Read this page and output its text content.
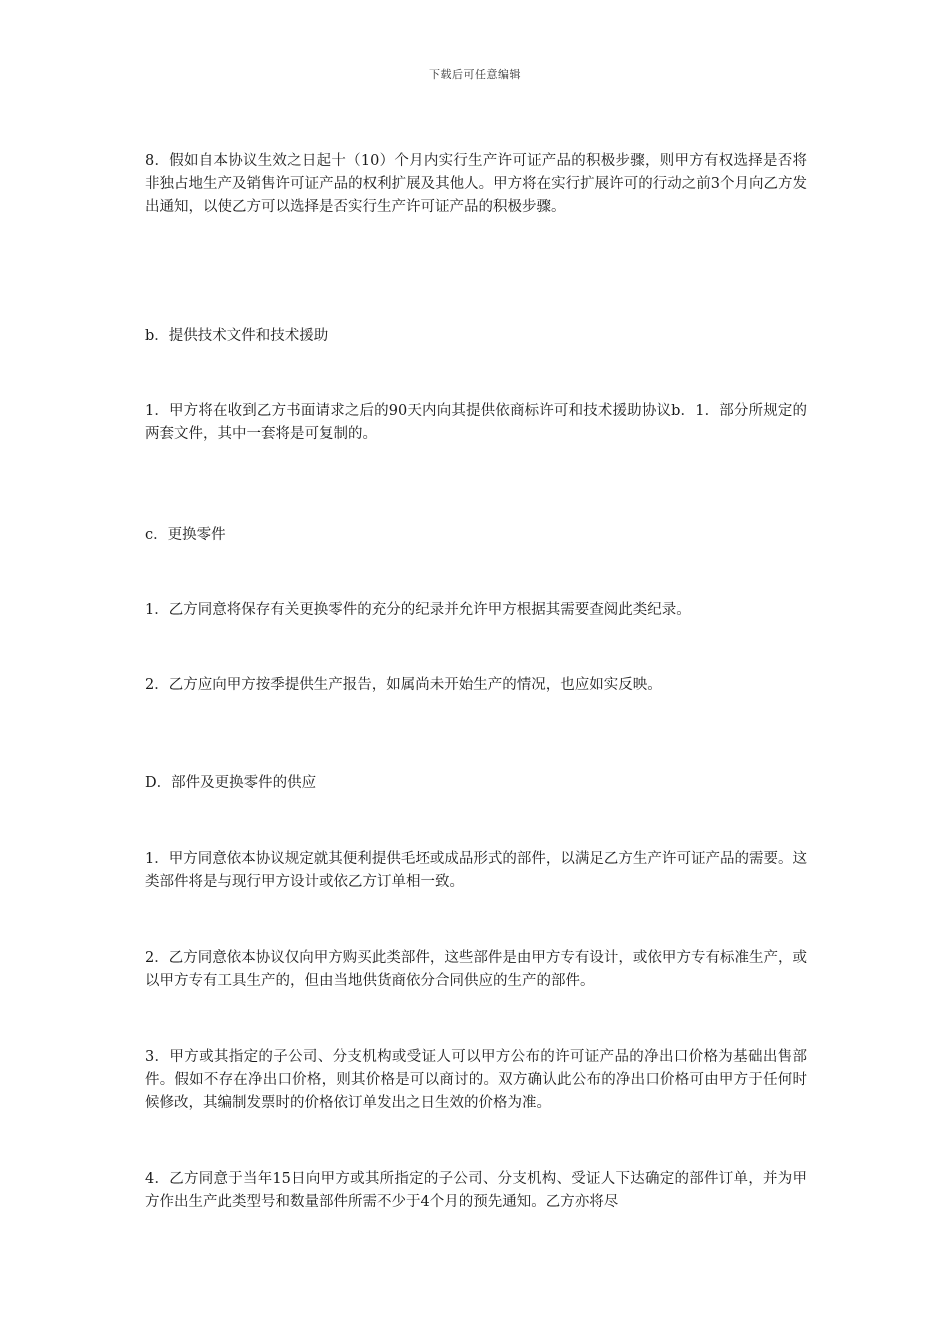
下载后可任意编辑

8．假如自本协议生效之日起十（10）个月内实行生产许可证产品的积极步骤，则甲方有权选择是否将非独占地生产及销售许可证产品的权利扩展及其他人。甲方将在实行扩展许可的行动之前3个月向乙方发出通知，以使乙方可以选择是否实行生产许可证产品的积极步骤。

b．提供技术文件和技术援助

1．甲方将在收到乙方书面请求之后的90天内向其提供依商标许可和技术援助协议b．1．部分所规定的两套文件，其中一套将是可复制的。

c．更换零件

1．乙方同意将保存有关更换零件的充分的纪录并允许甲方根据其需要查阅此类纪录。

2．乙方应向甲方按季提供生产报告，如属尚未开始生产的情况，也应如实反映。

D．部件及更换零件的供应

1．甲方同意依本协议规定就其便利提供毛坯或成品形式的部件，以满足乙方生产许可证产品的需要。这类部件将是与现行甲方设计或依乙方订单相一致。

2．乙方同意依本协议仅向甲方购买此类部件，这些部件是由甲方专有设计，或依甲方专有标准生产，或以甲方专有工具生产的，但由当地供货商依分合同供应的生产的部件。

3．甲方或其指定的子公司、分支机构或受证人可以甲方公布的许可证产品的净出口价格为基础出售部件。假如不存在净出口价格，则其价格是可以商讨的。双方确认此公布的净出口价格可由甲方于任何时候修改，其编制发票时的价格依订单发出之日生效的价格为准。

4．乙方同意于当年15日向甲方或其所指定的子公司、分支机构、受证人下达确定的部件订单，并为甲方作出生产此类型号和数量部件所需不少于4个月的预先通知。乙方亦将尽
